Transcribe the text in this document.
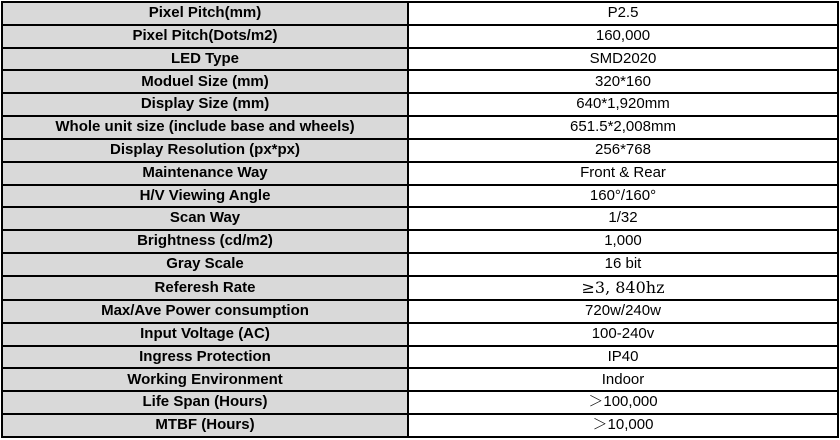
Pixel Pitch(mm)	P2.5
Pixel Pitch(Dots/m2)	160,000
LED Type	SMD2020
Moduel Size (mm)	320*160
Display Size (mm)	640*1,920mm
Whole unit size (include base and wheels)	651.5*2,008mm
Display Resolution (px*px)	256*768
Maintenance Way	Front & Rear
H/V Viewing Angle	160°/160°
Scan Way	1/32
Brightness (cd/m2)	1,000
Gray Scale	16 bit
Referesh Rate	≥3, 840hz
Max/Ave Power consumption	720w/240w
Input Voltage (AC)	100-240v
Ingress Protection	IP40
Working Environment	Indoor
Life Span (Hours)	＞100,000
MTBF (Hours)	＞10,000
